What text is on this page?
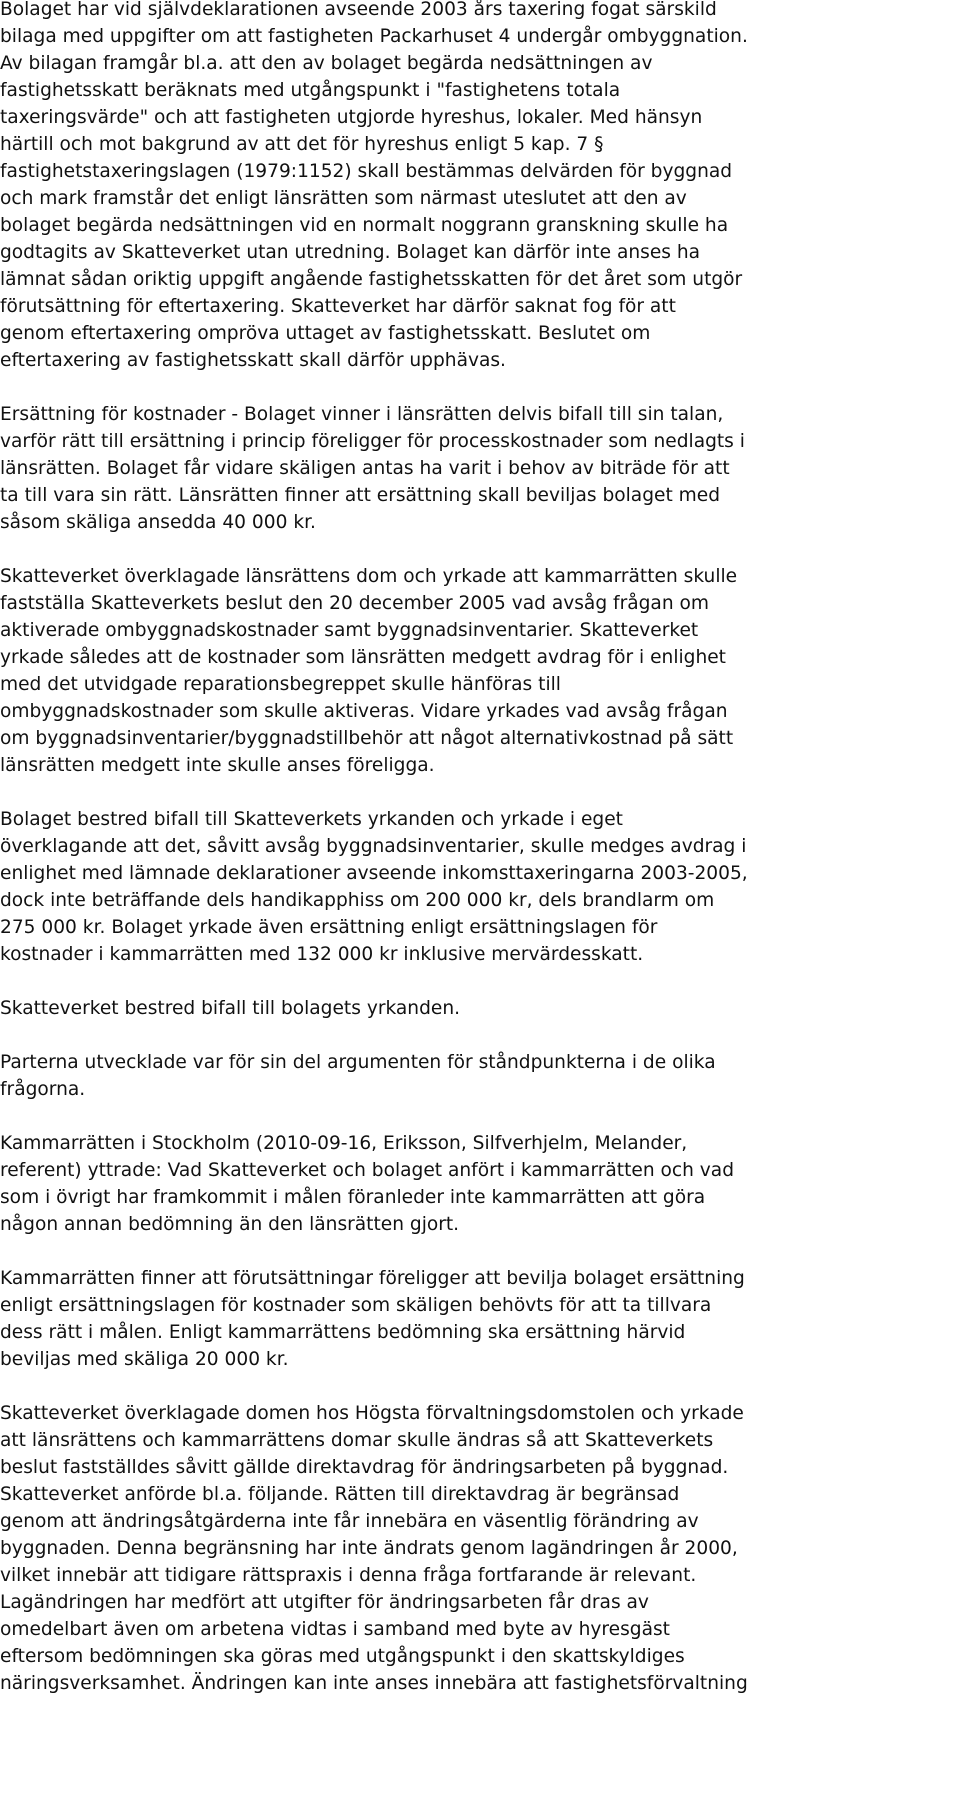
Bolaget har vid självdeklarationen avseende 2003 års taxering fogat särskild
bilaga med uppgifter om att fastigheten Packarhuset 4 undergår ombyggnation.
Av bilagan framgår bl.a. att den av bolaget begärda nedsättningen av
fastighetsskatt beräknats med utgångspunkt i "fastighetens totala
taxeringsvärde" och att fastigheten utgjorde hyreshus, lokaler. Med hänsyn
härtill och mot bakgrund av att det för hyreshus enligt 5 kap. 7 §
fastighetstaxeringslagen (1979:1152) skall bestämmas delvärden för byggnad
och mark framstår det enligt länsrätten som närmast uteslutet att den av
bolaget begärda nedsättningen vid en normalt noggrann granskning skulle ha
godtagits av Skatteverket utan utredning. Bolaget kan därför inte anses ha
lämnat sådan oriktig uppgift angående fastighetsskatten för det året som utgör
förutsättning för eftertaxering. Skatteverket har därför saknat fog för att
genom eftertaxering ompröva uttaget av fastighetsskatt. Beslutet om
eftertaxering av fastighetsskatt skall därför upphävas.
Ersättning för kostnader - Bolaget vinner i länsrätten delvis bifall till sin talan,
varför rätt till ersättning i princip föreligger för processkostnader som nedlagts i
länsrätten. Bolaget får vidare skäligen antas ha varit i behov av biträde för att
ta till vara sin rätt. Länsrätten finner att ersättning skall beviljas bolaget med
såsom skäliga ansedda 40 000 kr.
Skatteverket överklagade länsrättens dom och yrkade att kammarrätten skulle
fastställa Skatteverkets beslut den 20 december 2005 vad avsåg frågan om
aktiverade ombyggnadskostnader samt byggnadsinventarier. Skatteverket
yrkade således att de kostnader som länsrätten medgett avdrag för i enlighet
med det utvidgade reparationsbegreppet skulle hänföras till
ombyggnadskostnader som skulle aktiveras. Vidare yrkades vad avsåg frågan
om byggnadsinventarier/byggnadstillbehör att något alternativkostnad på sätt
länsrätten medgett inte skulle anses föreligga.
Bolaget bestred bifall till Skatteverkets yrkanden och yrkade i eget
överklagande att det, såvitt avsåg byggnadsinventarier, skulle medges avdrag i
enlighet med lämnade deklarationer avseende inkomsttaxeringarna 2003-2005,
dock inte beträffande dels handikapphiss om 200 000 kr, dels brandlarm om
275 000 kr. Bolaget yrkade även ersättning enligt ersättningslagen för
kostnader i kammarrätten med 132 000 kr inklusive mervärdesskatt.
Skatteverket bestred bifall till bolagets yrkanden.
Parterna utvecklade var för sin del argumenten för ståndpunkterna i de olika
frågorna.
Kammarrätten i Stockholm (2010-09-16, Eriksson, Silfverhjelm, Melander,
referent) yttrade: Vad Skatteverket och bolaget anfört i kammarrätten och vad
som i övrigt har framkommit i målen föranleder inte kammarrätten att göra
någon annan bedömning än den länsrätten gjort.
Kammarrätten finner att förutsättningar föreligger att bevilja bolaget ersättning
enligt ersättningslagen för kostnader som skäligen behövts för att ta tillvara
dess rätt i målen. Enligt kammarrättens bedömning ska ersättning härvid
beviljas med skäliga 20 000 kr.
Skatteverket överklagade domen hos Högsta förvaltningsdomstolen och yrkade
att länsrättens och kammarrättens domar skulle ändras så att Skatteverkets
beslut fastställdes såvitt gällde direktavdrag för ändringsarbeten på byggnad.
Skatteverket anförde bl.a. följande. Rätten till direktavdrag är begränsad
genom att ändringsåtgärderna inte får innebära en väsentlig förändring av
byggnaden. Denna begränsning har inte ändrats genom lagändringen år 2000,
vilket innebär att tidigare rättspraxis i denna fråga fortfarande är relevant.
Lagändringen har medfört att utgifter för ändringsarbeten får dras av
omedelbart även om arbetena vidtas i samband med byte av hyresgäst
eftersom bedömningen ska göras med utgångspunkt i den skattskyldiges
näringsverksamhet. Ändringen kan inte anses innebära att fastighetsförvaltning
